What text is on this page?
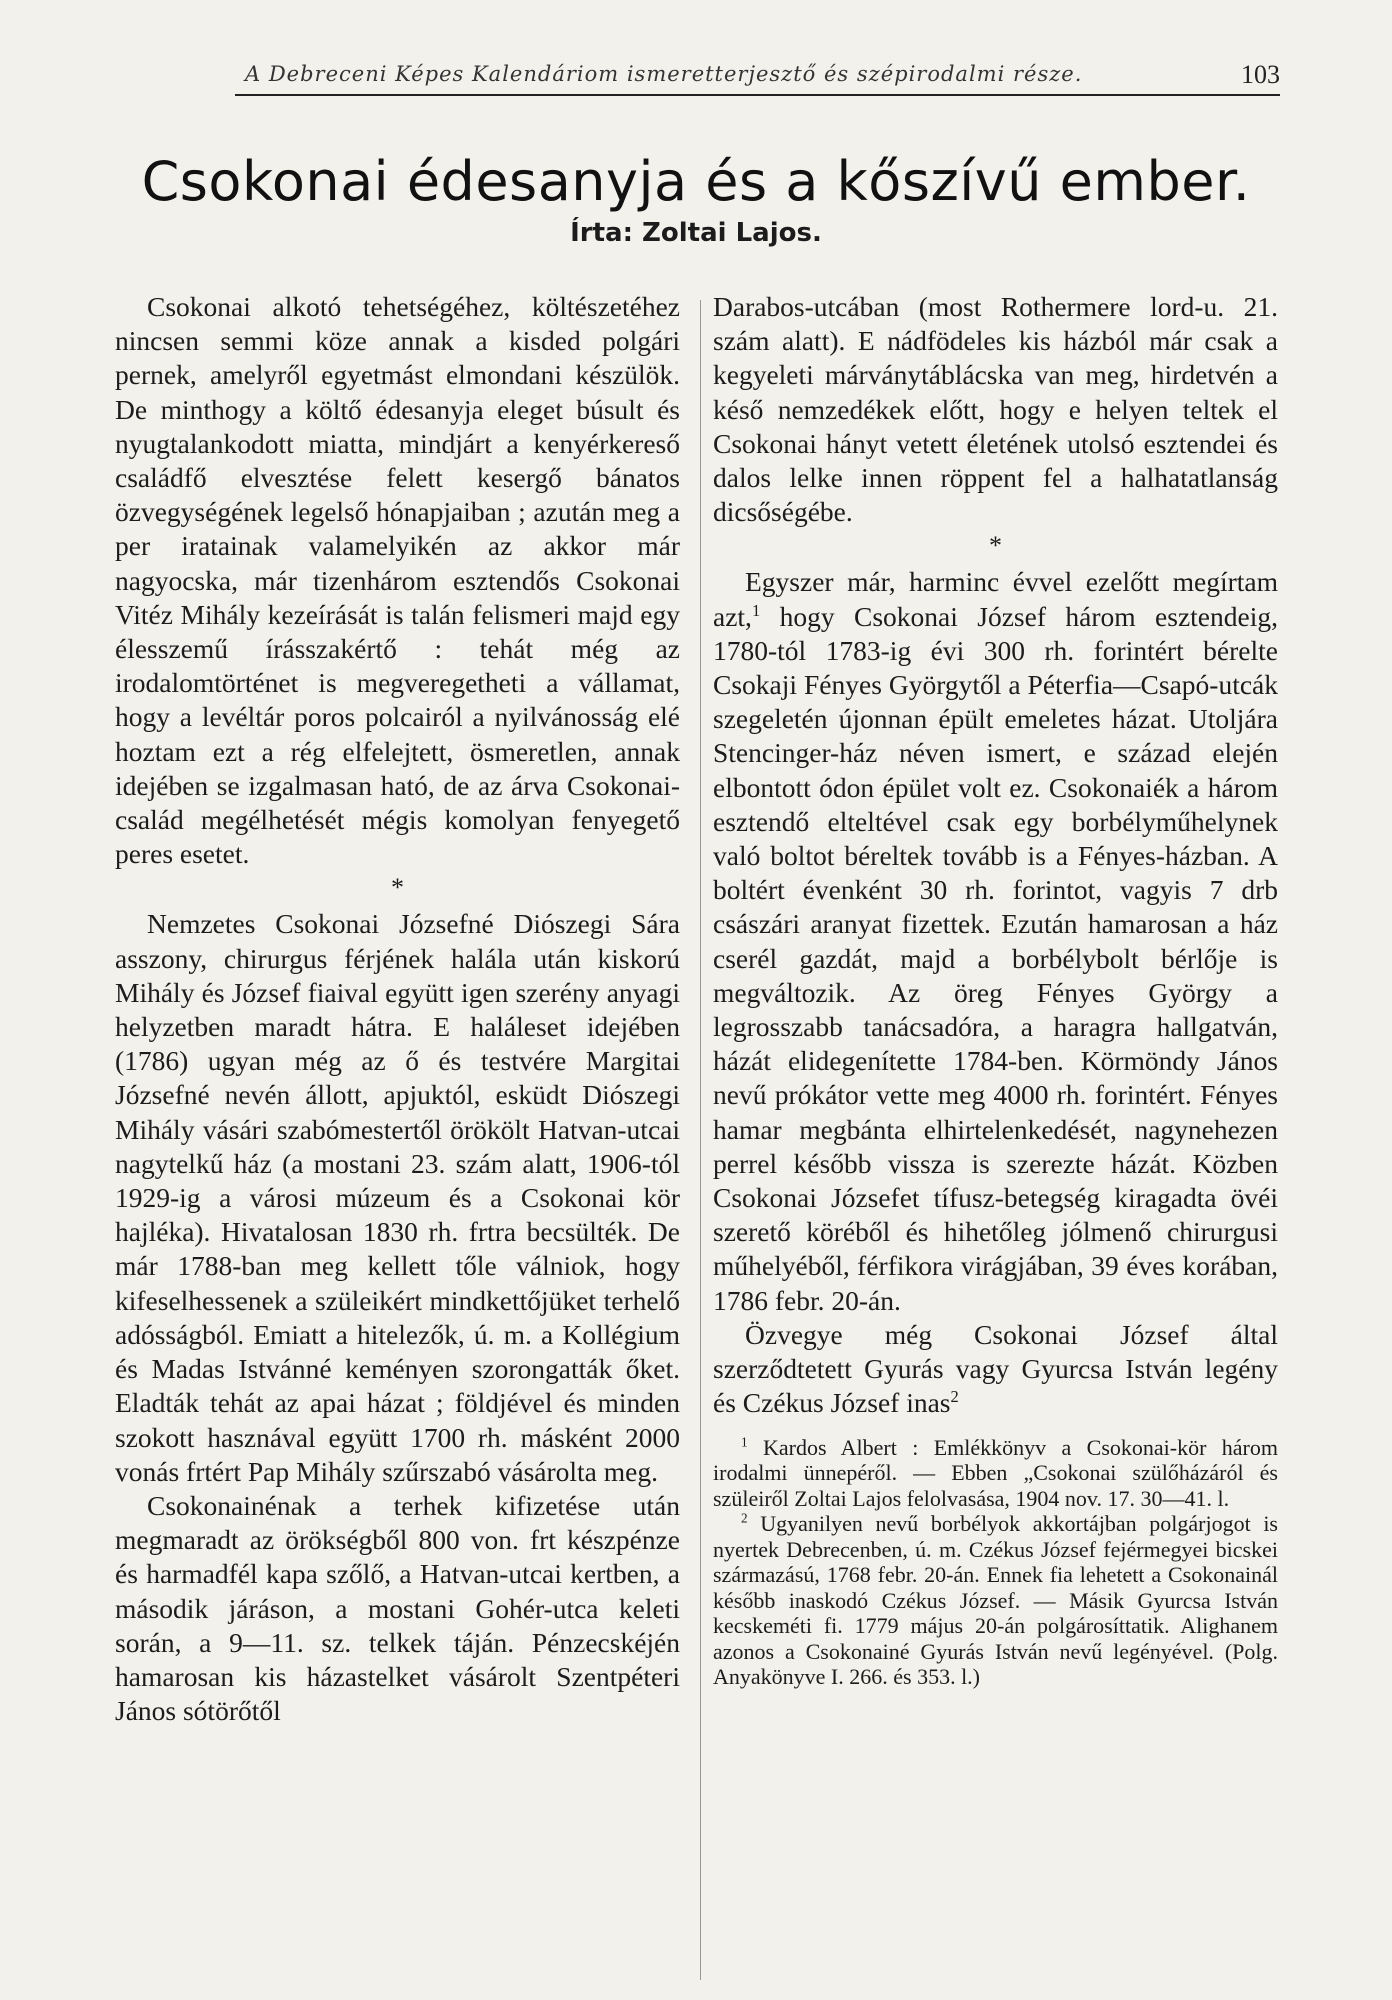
A Debreceni Képes Kalendáriom ismeretterjesztő és szépirodalmi része.	103
Csokonai édesanyja és a kőszívű ember.
Írta: Zoltai Lajos.

Csokonai alkotó tehetségéhez, költészetéhez nincsen semmi köze annak a kisded polgári pernek, amelyről egyetmást elmondani készülök. De minthogy a költő édesanyja eleget búsult és nyugtalankodott miatta, mindjárt a kenyérkereső családfő elvesztése felett kesergő bánatos özvegységének legelső hónapjaiban ; azután meg a per iratainak valamelyikén az akkor már nagyocska, már tizenhárom esztendős Csokonai Vitéz Mihály kezeírását is talán felismeri majd egy élesszemű írásszakértő : tehát még az irodalomtörténet is megveregetheti a vállamat, hogy a levéltár poros polcairól a nyilvánosság elé hoztam ezt a rég elfelejtett, ösmeretlen, annak idejében se izgalmasan ható, de az árva Csokonai-család megélhetését mégis komolyan fenyegető peres esetet.

*

Nemzetes Csokonai Józsefné Diószegi Sára asszony, chirurgus férjének halála után kiskorú Mihály és József fiaival együtt igen szerény anyagi helyzetben maradt hátra. E haláleset idejében (1786) ugyan még az ő és testvére Margitai Józsefné nevén állott, apjuktól, esküdt Diószegi Mihály vásári szabómestertől örökölt Hatvan-utcai nagytelkű ház (a mostani 23. szám alatt, 1906-tól 1929-ig a városi múzeum és a Csokonai kör hajléka). Hivatalosan 1830 rh. frtra becsülték. De már 1788-ban meg kellett tőle válniok, hogy kifeselhessenek a szüleikért mindkettőjüket terhelő adósságból. Emiatt a hitelezők, ú. m. a Kollégium és Madas Istvánné keményen szorongatták őket. Eladták tehát az apai házat ; földjével és minden szokott hasznával együtt 1700 rh. másként 2000 vonás frtért Pap Mihály szűrszabó vásárolta meg.

Csokonainénak a terhek kifizetése után megmaradt az örökségből 800 von. frt készpénze és harmadfél kapa szőlő, a Hatvan-utcai kertben, a második járáson, a mostani Gohér-utca keleti során, a 9—11. sz. telkek táján. Pénzecskéjén hamarosan kis házastelket vásárolt Szentpéteri János sótörőtől

Darabos-utcában (most Rothermere lord-u. 21. szám alatt). E nádfödeles kis házból már csak a kegyeleti márványtáblácska van meg, hirdetvén a késő nemzedékek előtt, hogy e helyen teltek el Csokonai hányt vetett életének utolsó esztendei és dalos lelke innen röppent fel a halhatatlanság dicsőségébe.

*

Egyszer már, harminc évvel ezelőtt megírtam azt,$^1$ hogy Csokonai József három esztendeig, 1780-tól 1783-ig évi 300 rh. forintért bérelte Csokaji Fényes Györgytől a Péterfia—Csapó-utcák szegeletén újonnan épült emeletes házat. Utoljára Stencinger-ház néven ismert, e század elején elbontott ódon épület volt ez. Csokonaiék a három esztendő elteltével csak egy borbélyműhelynek való boltot béreltek tovább is a Fényes-házban. A boltért évenként 30 rh. forintot, vagyis 7 drb császári aranyat fizettek. Ezután hamarosan a ház cserél gazdát, majd a borbélybolt bérlője is megváltozik. Az öreg Fényes György a legrosszabb tanácsadóra, a haragra hallgatván, házát elidegenítette 1784-ben. Körmöndy János nevű prókátor vette meg 4000 rh. forintért. Fényes hamar megbánta elhirtelenkedését, nagynehezen perrel később vissza is szerezte házát. Közben Csokonai Józsefet tífusz-betegség kiragadta övéi szerető köréből és hihetőleg jólmenő chirurgusi műhelyéből, férfikora virágjában, 39 éves korában, 1786 febr. 20-án.

Özvegye még Csokonai József által szerződtetett Gyurás vagy Gyurcsa István legény és Czékus József inas$^2$

$^1$ Kardos Albert : Emlékkönyv a Csokonai-kör három irodalmi ünnepéről. — Ebben „Csokonai szülőházáról és szüleiről Zoltai Lajos felolvasása, 1904 nov. 17. 30—41. l.

$^2$ Ugyanilyen nevű borbélyok akkortájban polgárjogot is nyertek Debrecenben, ú. m. Czékus József fejérmegyei bicskei származású, 1768 febr. 20-án. Ennek fia lehetett a Csokonainál később inaskodó Czékus József. — Másik Gyurcsa István kecskeméti fi. 1779 május 20-án polgárosíttatik. Alighanem azonos a Csokonainé Gyurás István nevű legényével. (Polg. Anyakönyve I. 266. és 353. l.)
